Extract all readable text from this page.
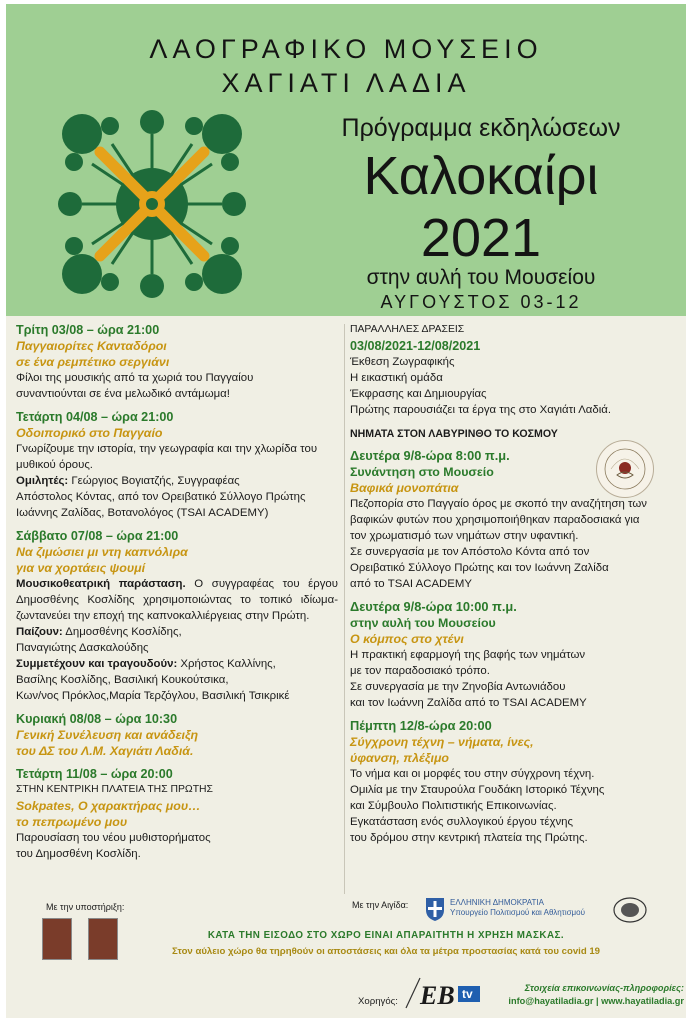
ΛΑΟΓΡΑΦΙΚΟ ΜΟΥΣΕΙΟ
ΧΑΓΙΑΤΙ ΛΑΔΙΑ
Πρόγραμμα εκδηλώσεων
Καλοκαίρι
2021
στην αυλή του Μουσείου
ΑΥΓΟΥΣΤΟΣ 03-12
Τρίτη 03/08 – ώρα 21:00
Παγγαιορίτες Κανταδόροι
σε ένα ρεμπέτικο σεργιάνι
Φίλοι της μουσικής από τα χωριά του Παγγαίου
συναντιούνται σε ένα μελωδικό αντάμωμα!
Τετάρτη 04/08 – ώρα 21:00
Οδοιπορικό στο Παγγαίο
Γνωρίζουμε την ιστορία, την γεωγραφία και την χλωρίδα του
μυθικού όρους.
Ομιλητές: Γεώργιος Βογιατζής, Συγγραφέας
Απόστολος Κόντας, από τον Ορειβατικό Σύλλογο Πρώτης
Ιωάννης Ζαλίδας, Βοτανολόγος (TSAI ACADEMY)
Σάββατο 07/08 – ώρα 21:00
Να ζιμώσιει μι ντη καπνόλιρα
για να χορτάεις ψουμί
Μουσικοθεατρική παράσταση. Ο συγγραφέας του έργου Δημοσθένης Κοσλίδης χρησιμοποιώντας το τοπικό ιδίωμα-ζωντανεύει την εποχή της καπνοκαλλιέργειας στην Πρώτη.
Παίζουν: Δημοσθένης Κοσλίδης,
Παναγιώτης Δασκαλούδης
Συμμετέχουν και τραγουδούν: Χρήστος Καλλίνης,
Βασίλης Κοσλίδης, Βασιλική Κουκούτσικα,
Κων/νος Πρόκλος,Μαρία Τερζόγλου, Βασιλική Τσικρικέ
Κυριακή 08/08 – ώρα 10:30
Γενική Συνέλευση και ανάδειξη
του ΔΣ του Λ.Μ. Χαγιάτι Λαδιά.
Τετάρτη 11/08 – ώρα 20:00
ΣΤΗΝ ΚΕΝΤΡΙΚΗ ΠΛΑΤΕΙΑ ΤΗΣ ΠΡΩΤΗΣ
Sokpates, Ο χαρακτήρας μου…
το πεπρωμένο μου
Παρουσίαση του νέου μυθιστορήματος
του Δημοσθένη Κοσλίδη.
ΠΑΡΑΛΛΗΛΕΣ ΔΡΑΣΕΙΣ
03/08/2021-12/08/2021
Έκθεση Ζωγραφικής
Η εικαστική ομάδα
Έκφρασης και Δημιουργίας
Πρώτης παρουσιάζει τα έργα της στο Χαγιάτι Λαδιά.
ΝΗΜΑΤΑ ΣΤΟΝ ΛΑΒΥΡΙΝΘΟ ΤΟ ΚΟΣΜΟΥ
Δευτέρα 9/8-ώρα 8:00 π.μ.
Συνάντηση στο Μουσείο
Βαφικά μονοπάτια
Πεζοπορία στο Παγγαίο όρος με σκοπό την αναζήτηση των
βαφικών φυτών που χρησιμοποιήθηκαν παραδοσιακά για
τον χρωματισμό των νημάτων στην υφαντική.
Σε συνεργασία με τον Απόστολο Κόντα από τον
Ορειβατικό Σύλλογο Πρώτης και τον Ιωάννη Ζαλίδα
από το TSAI ACADEMY
Δευτέρα 9/8-ώρα 10:00 π.μ.
στην αυλή του Μουσείου
Ο κόμπος στο χτένι
Η πρακτική εφαρμογή της βαφής των νημάτων
με τον παραδοσιακό τρόπο.
Σε συνεργασία με την Ζηνοβία Αντωνιάδου
και τον Ιωάννη Ζαλίδα από το TSAI ACADEMY
Πέμπτη 12/8-ώρα 20:00
Σύγχρονη τέχνη – νήματα, ίνες,
ύφανση, πλέξιμο
Το νήμα και οι μορφές του στην σύγχρονη τέχνη.
Ομιλία με την Σταυρούλα Γουδάκη Ιστορικό Τέχνης
και Σύμβουλο Πολιτιστικής Επικοινωνίας.
Εγκατάσταση ενός συλλογικού έργου τέχνης
του δρόμου στην κεντρική πλατεία της Πρώτης.
Με την υποστήριξη:	Με την Αιγίδα:	ΕΛΛΗΝΙΚΗ ΔΗΜΟΚΡΑΤΙΑ
Υπουργείο Πολιτισμού και Αθλητισμού
ΚΑΤΑ ΤΗΝ ΕΙΣΟΔΟ ΣΤΟ ΧΩΡΟ ΕΙΝΑΙ ΑΠΑΡΑΙΤΗΤΗ Η ΧΡΗΣΗ ΜΑΣΚΑΣ.
Στον αύλειο χώρο θα τηρηθούν οι αποστάσεις και όλα τα μέτρα προστασίας κατά του covid 19
Χορηγός: EB tv	Στοιχεία επικοινωνίας-πληροφορίες:
info@hayatiladia.gr | www.hayatiladia.gr
